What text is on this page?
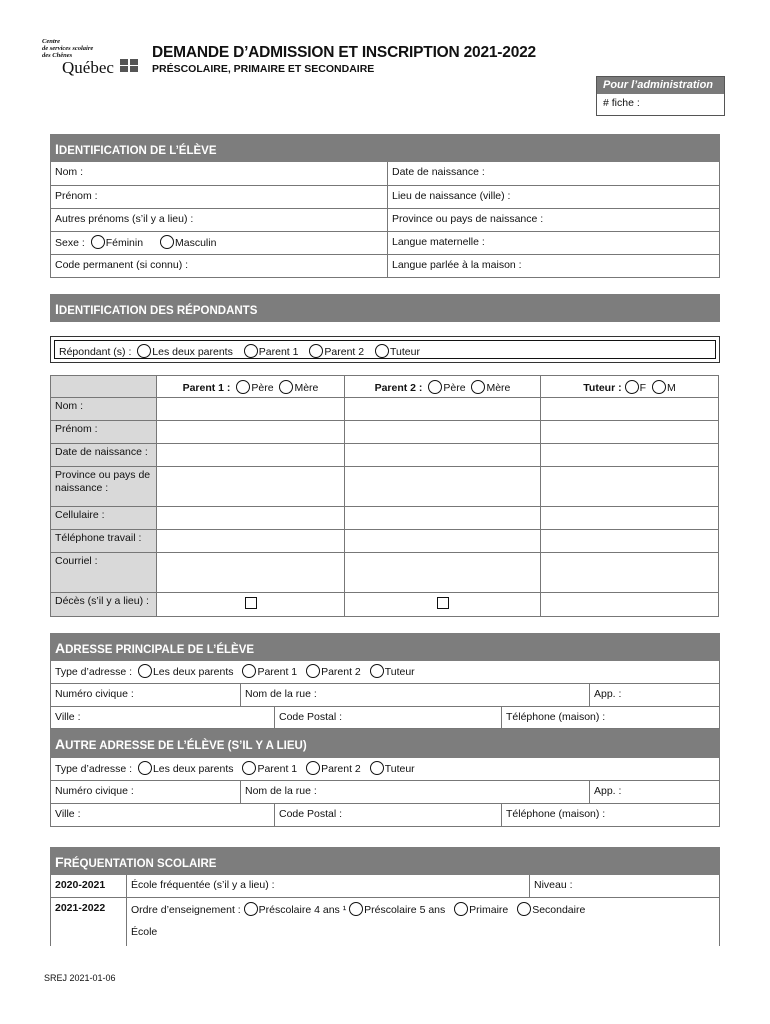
Centre
de services scolaire
des Chênes
Québec

DEMANDE D’ADMISSION ET INSCRIPTION 2021-2022
PRÉSCOLAIRE, PRIMAIRE ET SECONDAIRE
Pour l’administration
# fiche :
IDENTIFICATION DE L’ÉLÈVE
Nom :	Date de naissance :
Prénom :	Lieu de naissance (ville) :
Autres prénoms (s’il y a lieu) :	Province ou pays de naissance :
Sexe : Féminin	Masculin	Langue maternelle :
Code permanent (si connu) :	Langue parlée à la maison :
IDENTIFICATION DES RÉPONDANTS
Répondant (s) : Les deux parents Parent 1 Parent 2 Tuteur
	Parent 1 : Père Mère	Parent 2 : Père Mère	Tuteur : F M
Nom :			
Prénom :			
Date de naissance :			
Province ou pays de naissance :			
Cellulaire :			
Téléphone travail :			
Courriel :			
Décès (s’il y a lieu) :			
ADRESSE PRINCIPALE DE L’ÉLÈVE
Type d’adresse : Les deux parents Parent 1 Parent 2 Tuteur
Numéro civique :	Nom de la rue :	App. :
Ville :	Code Postal :	Téléphone (maison) :
AUTRE ADRESSE DE L’ÉLÈVE (S’IL Y A LIEU)
Type d’adresse : Les deux parents Parent 1 Parent 2 Tuteur
Numéro civique :	Nom de la rue :	App. :
Ville :	Code Postal :	Téléphone (maison) :
FRÉQUENTATION SCOLAIRE
2020-2021	École fréquentée (s’il y a lieu) :	Niveau :
2021-2022	Ordre d’enseignement : Préscolaire 4 ans ¹ Préscolaire 5 ans Primaire Secondaire
École
SREJ 2021-01-06
